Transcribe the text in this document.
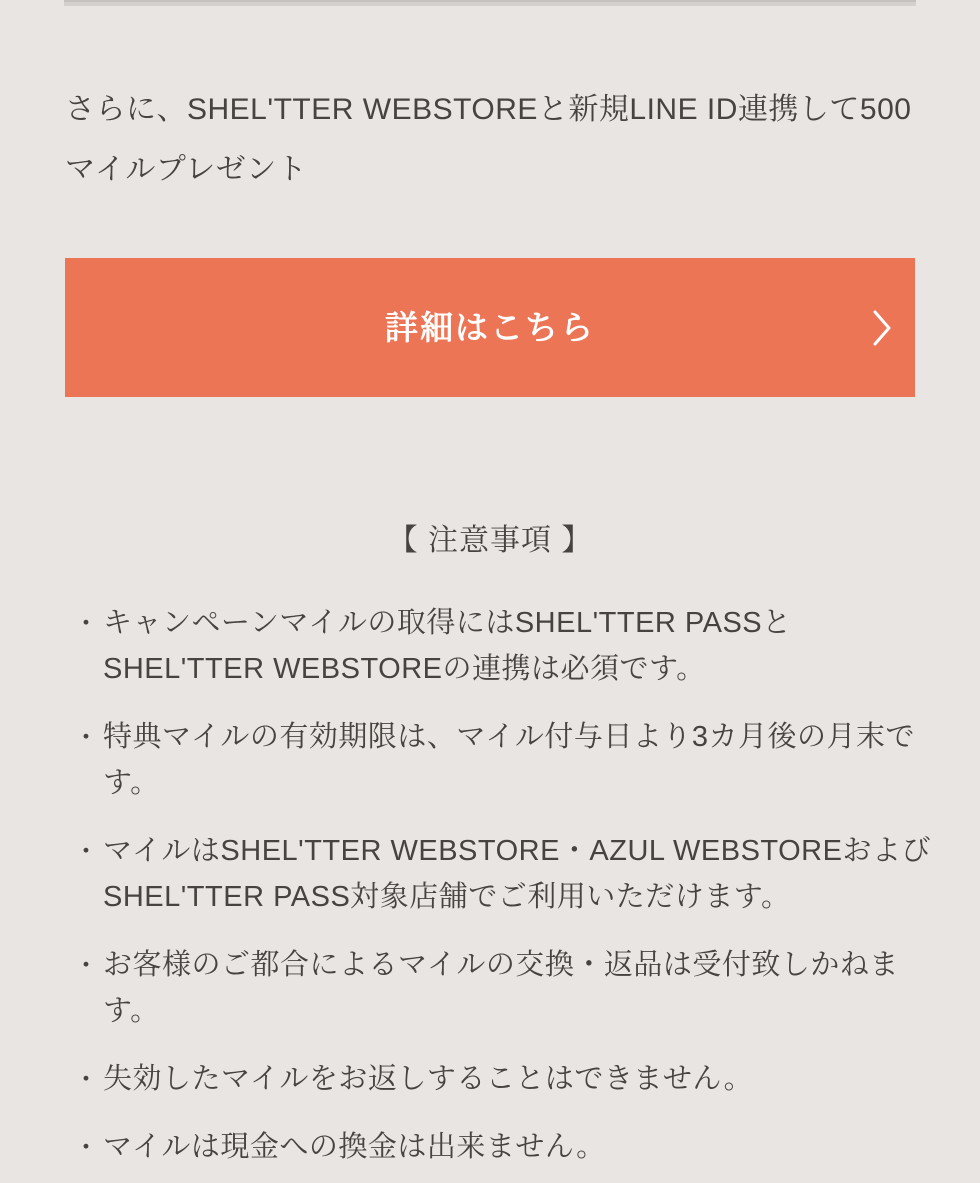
さらに、SHEL'TTER WEBSTOREと新規LINE ID連携して500マイルプレゼント

詳細はこちら
【 注意事項 】
・ キャンペーンマイルの取得にはSHEL'TTER PASSとSHEL'TTER WEBSTOREの連携は必須です。
・ 特典マイルの有効期限は、マイル付与日より3カ月後の月末です。
・ マイルはSHEL'TTER WEBSTORE・AZUL WEBSTOREおよびSHEL'TTER PASS対象店舗でご利用いただけます。
・ お客様のご都合によるマイルの交換・返品は受付致しかねます。
・ 失効したマイルをお返しすることはできません。
・ マイルは現金への換金は出来ません。
